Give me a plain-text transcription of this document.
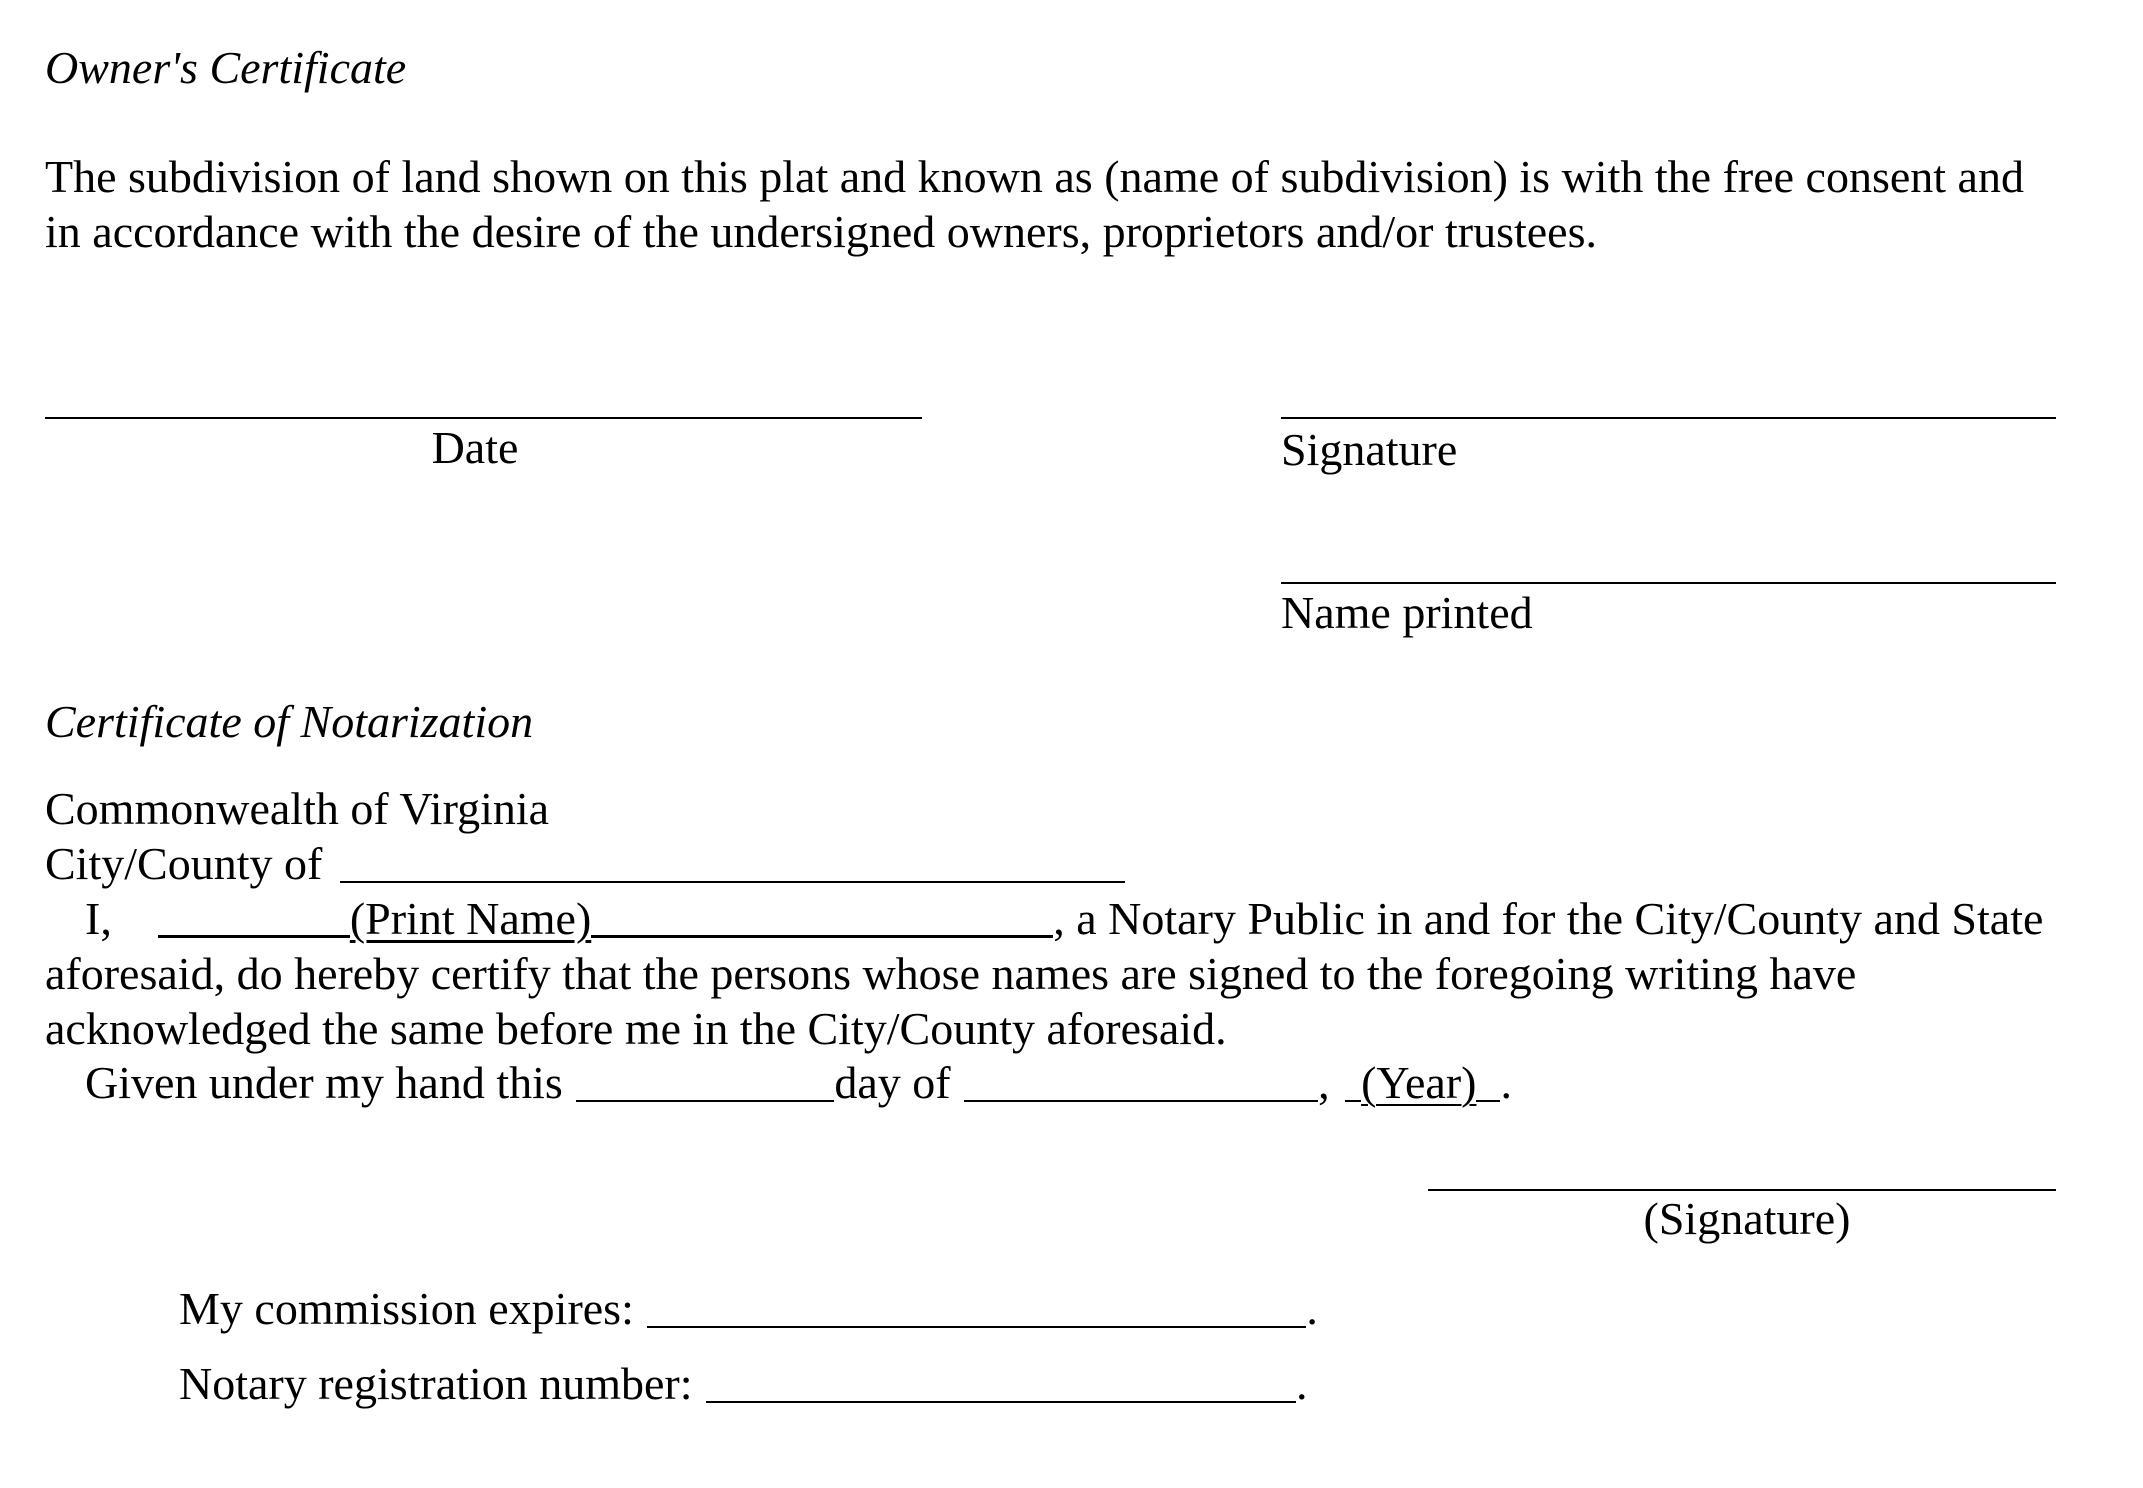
Owner's Certificate
The subdivision of land shown on this plat and known as (name of subdivision) is with the free consent and in accordance with the desire of the undersigned owners, proprietors and/or trustees.
Date	Signature
Name printed
Certificate of Notarization
Commonwealth of Virginia
City/County of
I,	(Print Name)	, a Notary Public in and for the City/County and State
aforesaid, do hereby certify that the persons whose names are signed to the foregoing writing have
acknowledged the same before me in the City/County aforesaid.
Given under my hand this	day of	, (Year) .
(Signature)
My commission expires:	.
Notary registration number:	.
